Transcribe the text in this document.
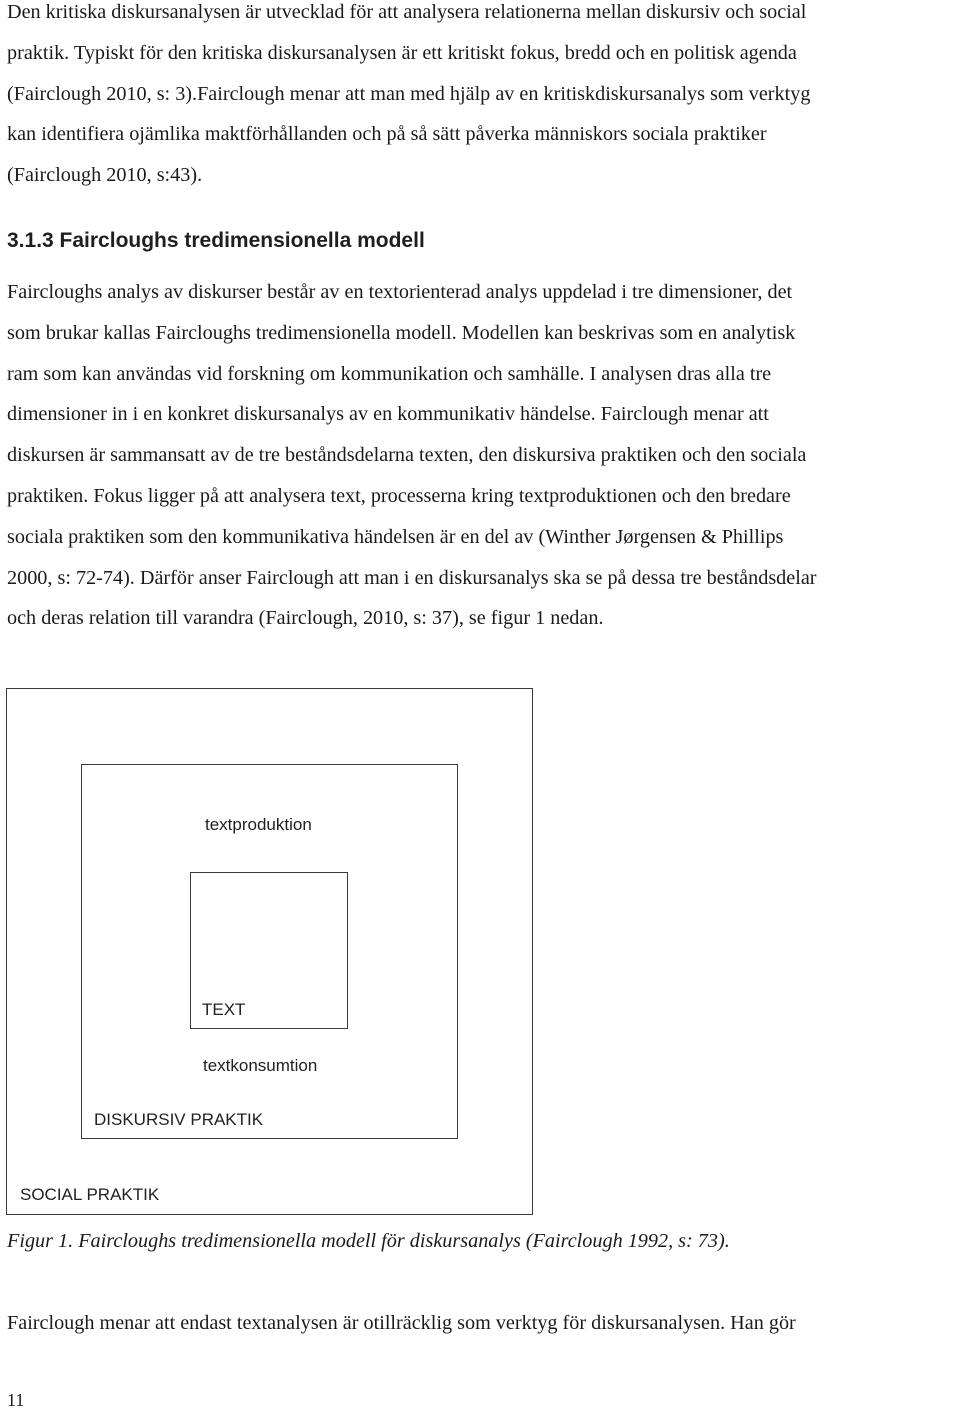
Den kritiska diskursanalysen är utvecklad för att analysera relationerna mellan diskursiv och social
praktik. Typiskt för den kritiska diskursanalysen är ett kritiskt fokus, bredd och en politisk agenda
(Fairclough 2010, s: 3).Fairclough menar att man med hjälp av en kritiskdiskursanalys som verktyg
kan identifiera ojämlika maktförhållanden och på så sätt påverka människors sociala praktiker
(Fairclough 2010, s:43).
3.1.3 Faircloughs tredimensionella modell
Faircloughs analys av diskurser består av en textorienterad analys uppdelad i tre dimensioner, det
som brukar kallas Faircloughs tredimensionella modell. Modellen kan beskrivas som en analytisk
ram som kan användas vid forskning om kommunikation och samhälle. I analysen dras alla tre
dimensioner in i en konkret diskursanalys av en kommunikativ händelse. Fairclough menar att
diskursen är sammansatt av de tre beståndsdelarna texten, den diskursiva praktiken och den sociala
praktiken. Fokus ligger på att analysera text, processerna kring textproduktionen och den bredare
sociala praktiken som den kommunikativa händelsen är en del av (Winther Jørgensen & Phillips
2000, s: 72-74). Därför anser Fairclough att man i en diskursanalys ska se på dessa tre beståndsdelar
och deras relation till varandra (Fairclough, 2010, s: 37), se figur 1 nedan.
textproduktion
TEXT
textkonsumtion
DISKURSIV PRAKTIK
SOCIAL PRAKTIK

Figur 1. Faircloughs tredimensionella modell för diskursanalys (Fairclough 1992, s: 73).

Fairclough menar att endast textanalysen är otillräcklig som verktyg för diskursanalysen. Han gör

11
